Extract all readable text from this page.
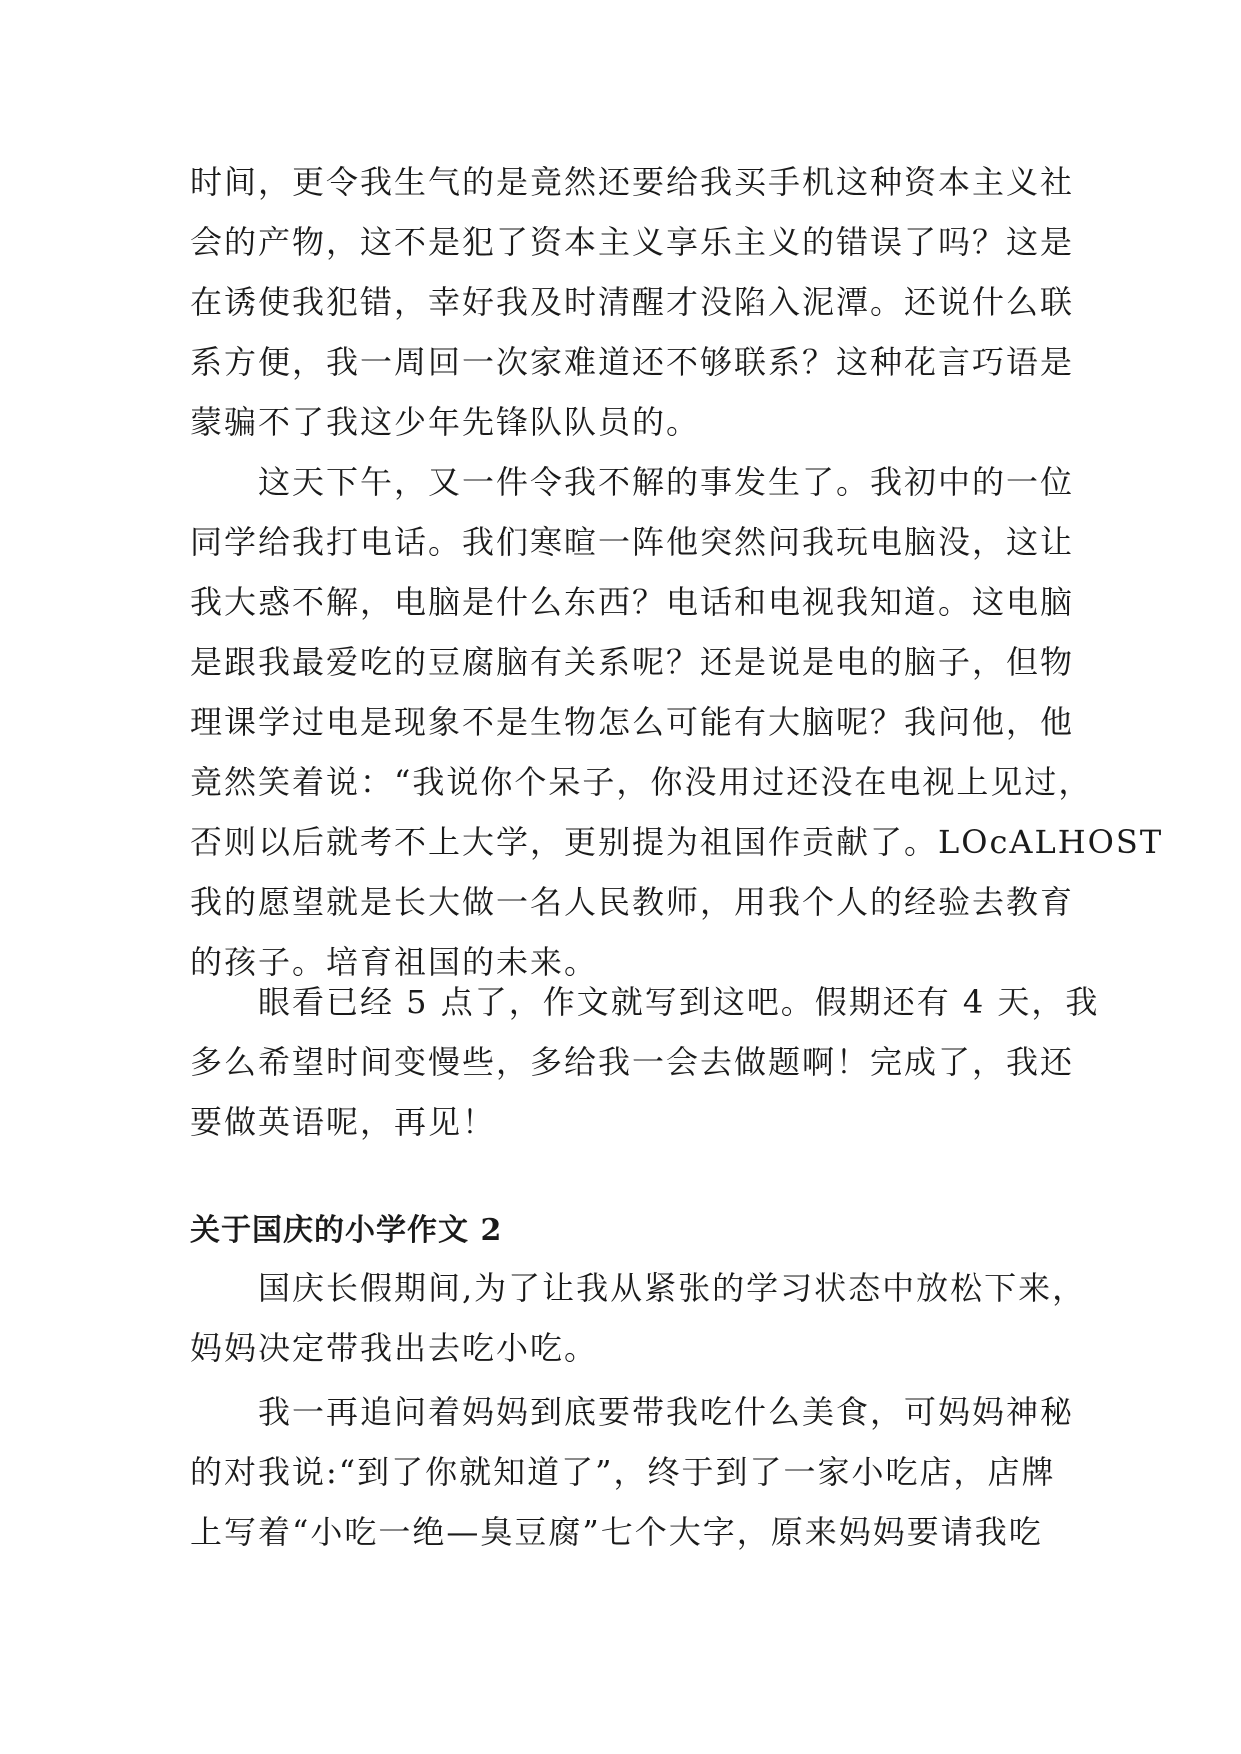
时间，更令我生气的是竟然还要给我买手机这种资本主义社
会的产物，这不是犯了资本主义享乐主义的错误了吗？这是
在诱使我犯错，幸好我及时清醒才没陷入泥潭。还说什么联
系方便，我一周回一次家难道还不够联系？这种花言巧语是
蒙骗不了我这少年先锋队队员的。

　　这天下午，又一件令我不解的事发生了。我初中的一位
同学给我打电话。我们寒暄一阵他突然问我玩电脑没，这让
我大惑不解，电脑是什么东西？电话和电视我知道。这电脑
是跟我最爱吃的豆腐脑有关系呢？还是说是电的脑子，但物
理课学过电是现象不是生物怎么可能有大脑呢？我问他，他
竟然笑着说：“我说你个呆子，你没用过还没在电视上见过，
否则以后就考不上大学，更别提为祖国作贡献了。LOcALHOST
我的愿望就是长大做一名人民教师，用我个人的经验去教育
的孩子。培育祖国的未来。

　　眼看已经 5 点了，作文就写到这吧。假期还有 4 天，我
多么希望时间变慢些，多给我一会去做题啊！完成了，我还
要做英语呢，再见！

关于国庆的小学作文 2

　　国庆长假期间,为了让我从紧张的学习状态中放松下来，
妈妈决定带我出去吃小吃。

　　我一再追问着妈妈到底要带我吃什么美食，可妈妈神秘
的对我说:“到了你就知道了”，终于到了一家小吃店，店牌
上写着“小吃一绝—臭豆腐”七个大字，原来妈妈要请我吃
